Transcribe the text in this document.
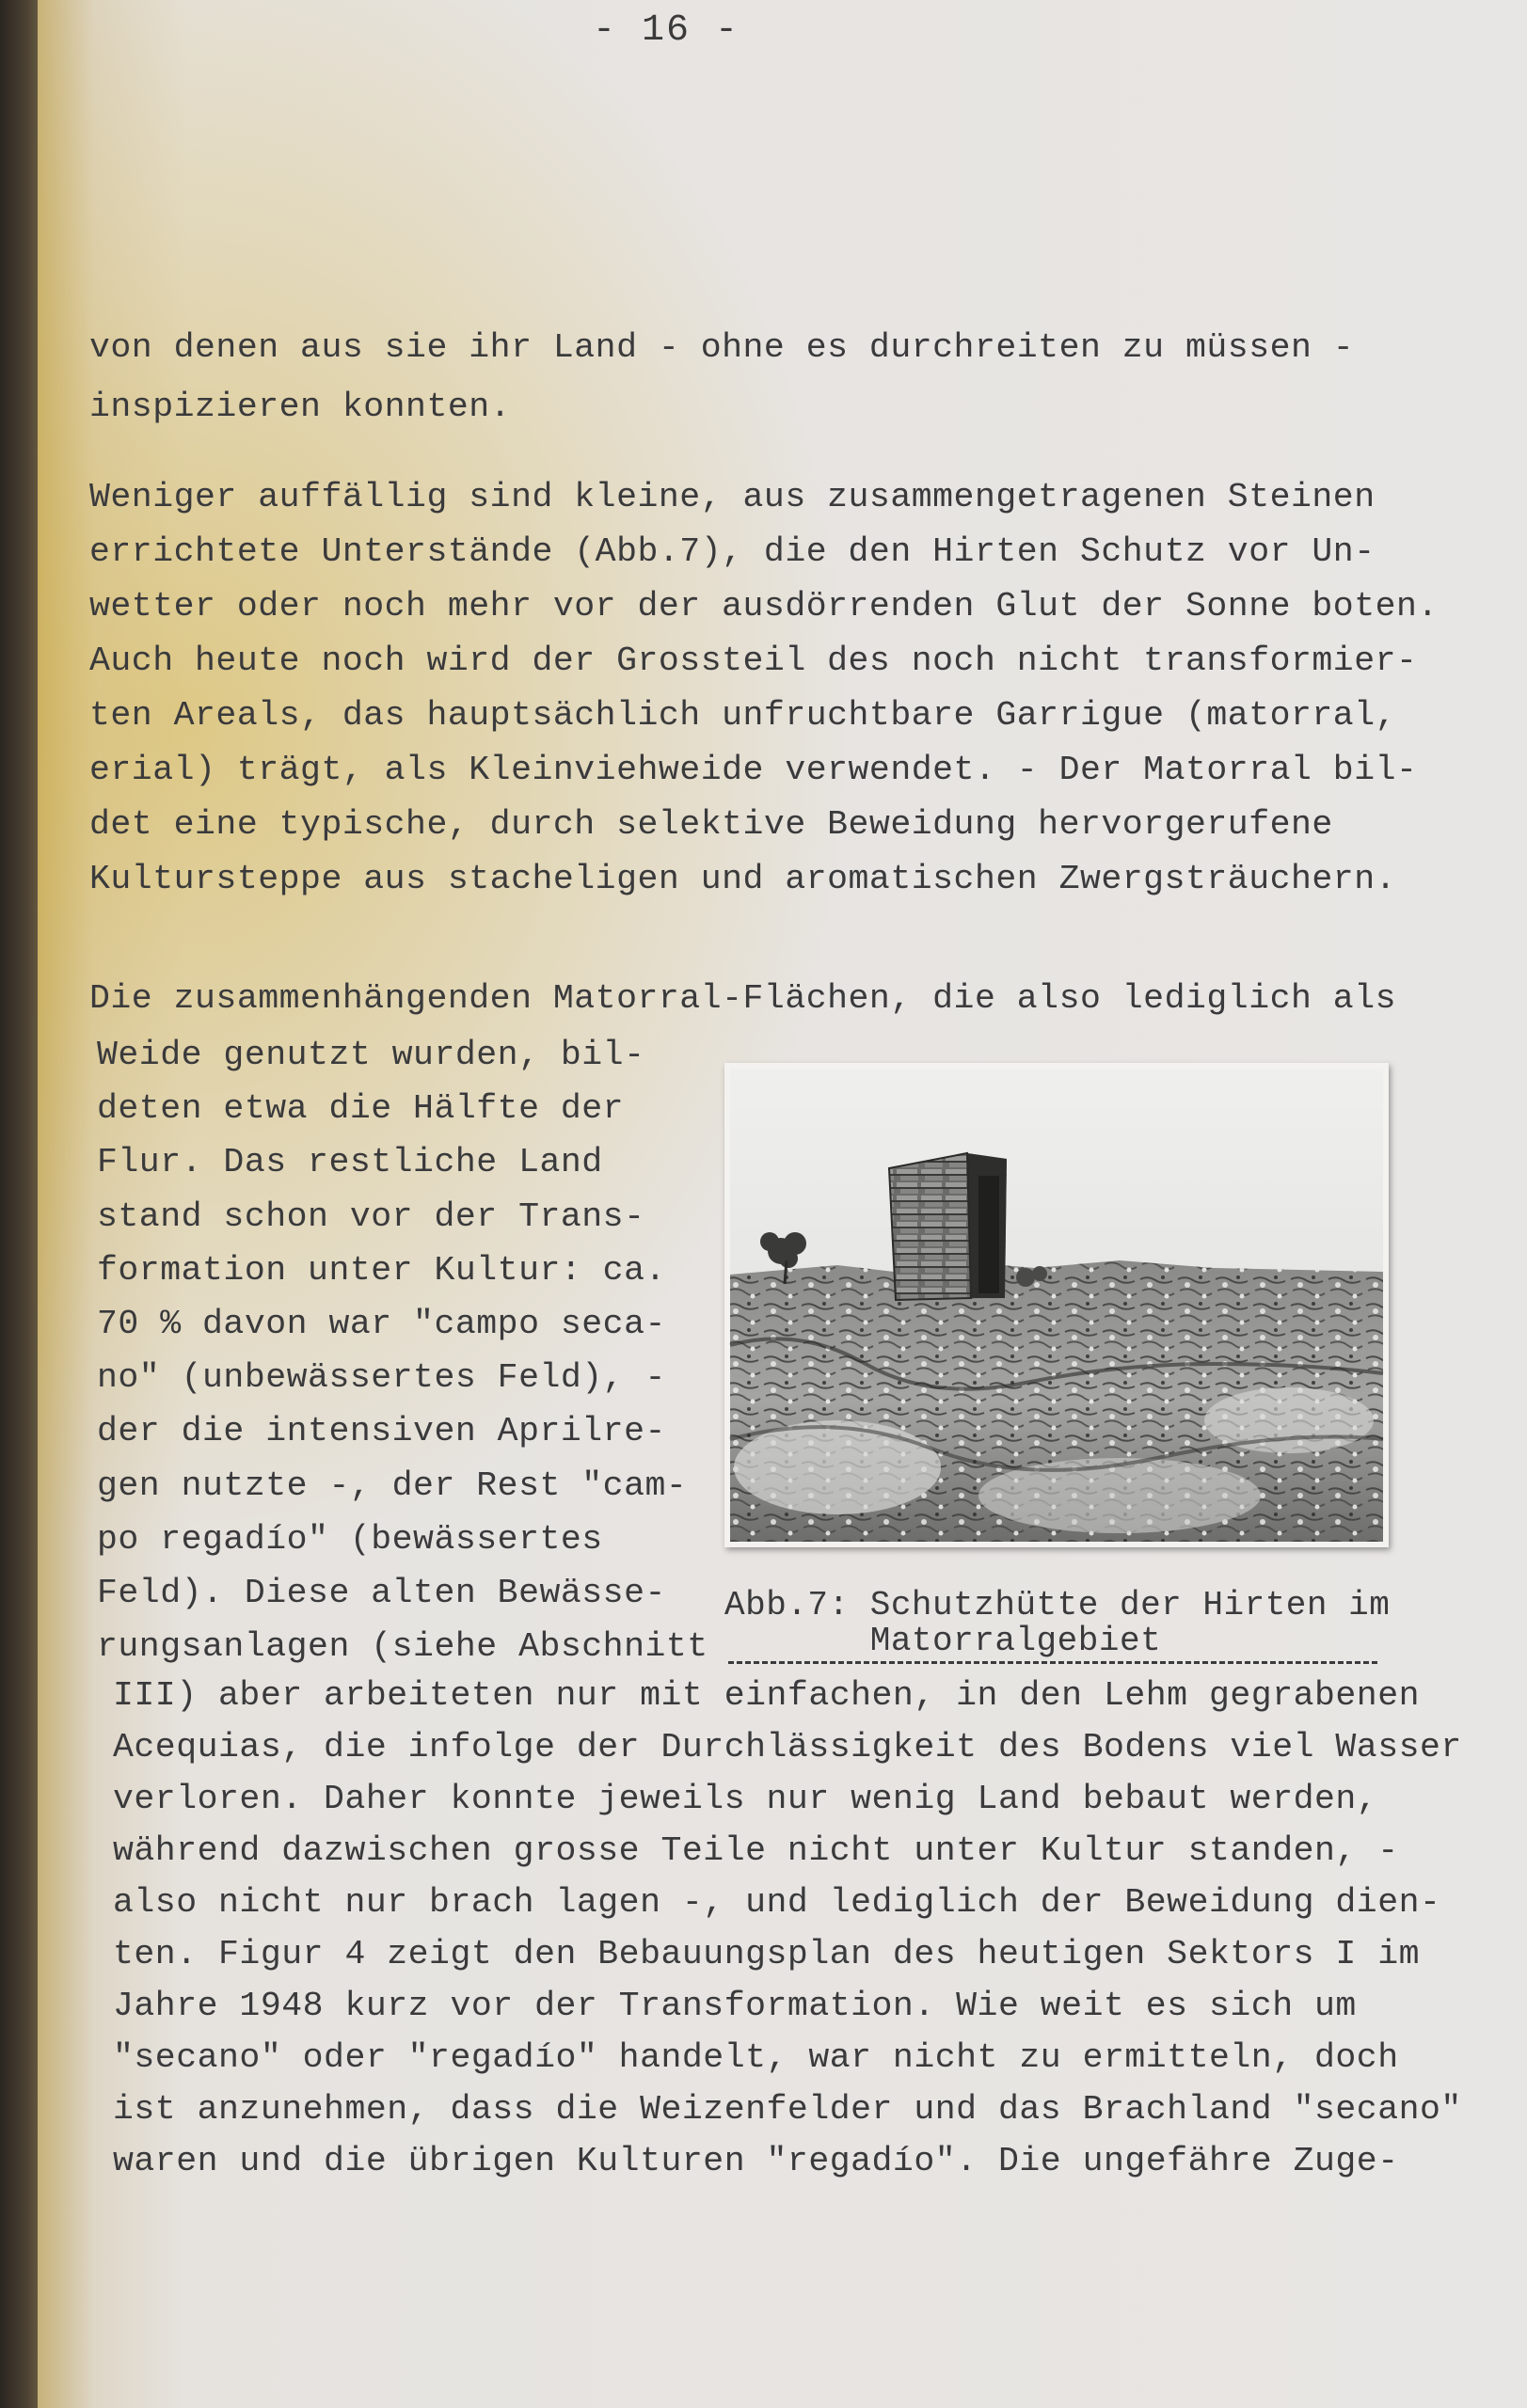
- 16 -

von denen aus sie ihr Land - ohne es durchreiten zu müssen -
inspizieren konnten.

Weniger auffällig sind kleine, aus zusammengetragenen Steinen
errichtete Unterstände (Abb.7), die den Hirten Schutz vor Un-
wetter oder noch mehr vor der ausdörrenden Glut der Sonne boten.
Auch heute noch wird der Grossteil des noch nicht transformier-
ten Areals, das hauptsächlich unfruchtbare Garrigue (matorral,
erial) trägt, als Kleinviehweide verwendet. - Der Matorral bil-
det eine typische, durch selektive Beweidung hervorgerufene
Kultursteppe aus stacheligen und aromatischen Zwergsträuchern.

Die zusammenhängenden Matorral-Flächen, die also lediglich als

Weide genutzt wurden, bil-
deten etwa die Hälfte der
Flur. Das restliche Land
stand schon vor der Trans-
formation unter Kultur: ca.
70 % davon war "campo seca-
no" (unbewässertes Feld), -
der die intensiven Aprilre-
gen nutzte -, der Rest "cam-
po regadío" (bewässertes
Feld). Diese alten Bewässe-
rungsanlagen (siehe Abschnitt
Abb.7: Schutzhütte der Hirten im
Matorralgebiet

III) aber arbeiteten nur mit einfachen, in den Lehm gegrabenen
Acequias, die infolge der Durchlässigkeit des Bodens viel Wasser
verloren. Daher konnte jeweils nur wenig Land bebaut werden,
während dazwischen grosse Teile nicht unter Kultur standen, -
also nicht nur brach lagen -, und lediglich der Beweidung dien-
ten. Figur 4 zeigt den Bebauungsplan des heutigen Sektors I im
Jahre 1948 kurz vor der Transformation. Wie weit es sich um
"secano" oder "regadío" handelt, war nicht zu ermitteln, doch
ist anzunehmen, dass die Weizenfelder und das Brachland "secano"
waren und die übrigen Kulturen "regadío". Die ungefähre Zuge-
